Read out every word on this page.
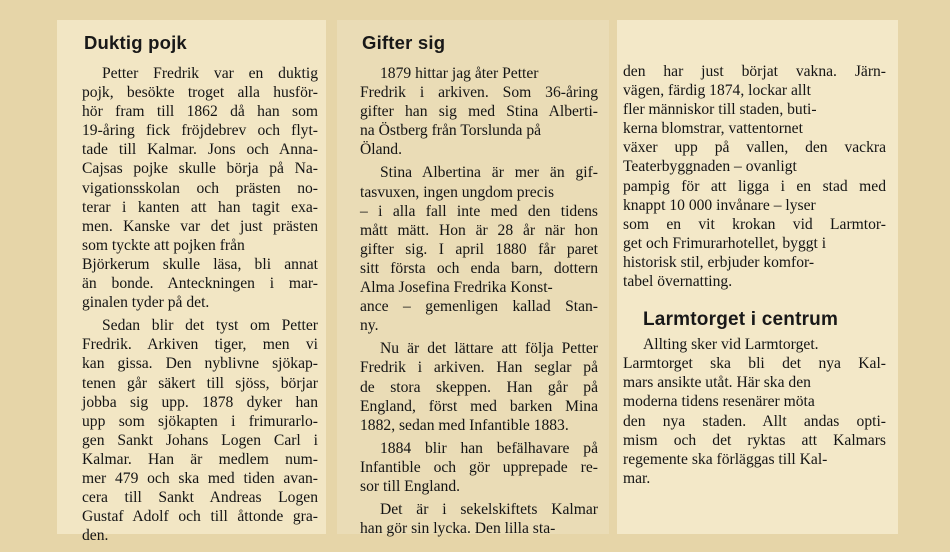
Duktig pojk

Petter Fredrik var en duktig
pojk, besökte troget alla husför-
hör fram till 1862 då han som
19-åring fick fröjdebrev och flyt-
tade till Kalmar. Jons och Anna-
Cajsas pojke skulle börja på Na-
vigationsskolan och prästen no-
terar i kanten att han tagit exa-
men. Kanske var det just prästen
som tyckte att pojken från
Björkerum skulle läsa, bli annat
än bonde. Anteckningen i mar-
ginalen tyder på det.

Sedan blir det tyst om Petter
Fredrik. Arkiven tiger, men vi
kan gissa. Den nyblivne sjökap-
tenen går säkert till sjöss, börjar
jobba sig upp. 1878 dyker han
upp som sjökapten i frimurarlo-
gen Sankt Johans Logen Carl i
Kalmar. Han är medlem num-
mer 479 och ska med tiden avan-
cera till Sankt Andreas Logen
Gustaf Adolf och till åttonde gra-
den.

Gifter sig

1879 hittar jag åter Petter
Fredrik i arkiven. Som 36-åring
gifter han sig med Stina Alberti-
na Östberg från Torslunda på
Öland.

Stina Albertina är mer än gif-
tasvuxen, ingen ungdom precis
– i alla fall inte med den tidens
mått mätt. Hon är 28 år när hon
gifter sig. I april 1880 får paret
sitt första och enda barn, dottern
Alma Josefina Fredrika Konst-
ance – gemenligen kallad Stan-
ny.

Nu är det lättare att följa Petter
Fredrik i arkiven. Han seglar på
de stora skeppen. Han går på
England, först med barken Mina
1882, sedan med Infantible 1883.

1884 blir han befälhavare på
Infantible och gör upprepade re-
sor till England.

Det är i sekelskiftets Kalmar
han gör sin lycka. Den lilla sta-

den har just börjat vakna. Järn-
vägen, färdig 1874, lockar allt
fler människor till staden, buti-
kerna blomstrar, vattentornet
växer upp på vallen, den vackra
Teaterbyggnaden – ovanligt
pampig för att ligga i en stad med
knappt 10 000 invånare – lyser
som en vit krokan vid Larmtor-
get och Frimurarhotellet, byggt i
historisk stil, erbjuder komfor-
tabel övernatting.

Larmtorget i centrum

Allting sker vid Larmtorget.
Larmtorget ska bli det nya Kal-
mars ansikte utåt. Här ska den
moderna tidens resenärer möta
den nya staden. Allt andas opti-
mism och det ryktas att Kalmars
regemente ska förläggas till Kal-
mar.
